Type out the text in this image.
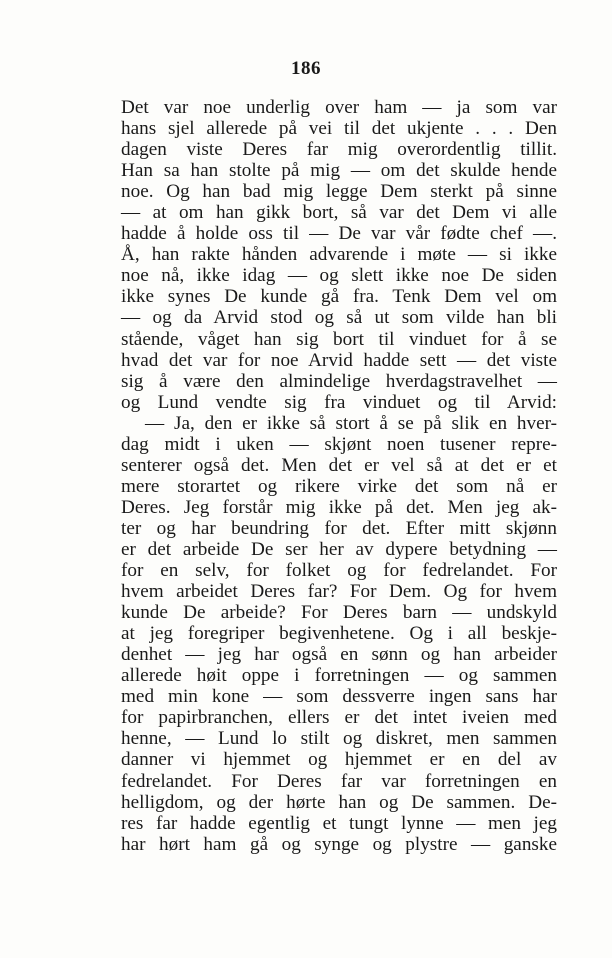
186
Det var noe underlig over ham — ja som var
hans sjel allerede på vei til det ukjente . . . Den
dagen viste Deres far mig overordentlig tillit.
Han sa han stolte på mig — om det skulde hende
noe. Og han bad mig legge Dem sterkt på sinne
— at om han gikk bort, så var det Dem vi alle
hadde å holde oss til — De var vår fødte chef —.
Å, han rakte hånden advarende i møte — si ikke
noe nå, ikke idag — og slett ikke noe De siden
ikke synes De kunde gå fra. Tenk Dem vel om
— og da Arvid stod og så ut som vilde han bli
stående, våget han sig bort til vinduet for å se
hvad det var for noe Arvid hadde sett — det viste
sig å være den almindelige hverdagstravelhet —
og Lund vendte sig fra vinduet og til Arvid:
— Ja, den er ikke så stort å se på slik en hver-
dag midt i uken — skjønt noen tusener repre-
senterer også det. Men det er vel så at det er et
mere storartet og rikere virke det som nå er
Deres. Jeg forstår mig ikke på det. Men jeg ak-
ter og har beundring for det. Efter mitt skjønn
er det arbeide De ser her av dypere betydning —
for en selv, for folket og for fedrelandet. For
hvem arbeidet Deres far? For Dem. Og for hvem
kunde De arbeide? For Deres barn — undskyld
at jeg foregriper begivenhetene. Og i all beskje-
denhet — jeg har også en sønn og han arbeider
allerede høit oppe i forretningen — og sammen
med min kone — som dessverre ingen sans har
for papirbranchen, ellers er det intet iveien med
henne, — Lund lo stilt og diskret, men sammen
danner vi hjemmet og hjemmet er en del av
fedrelandet. For Deres far var forretningen en
helligdom, og der hørte han og De sammen. De-
res far hadde egentlig et tungt lynne — men jeg
har hørt ham gå og synge og plystre — ganske
